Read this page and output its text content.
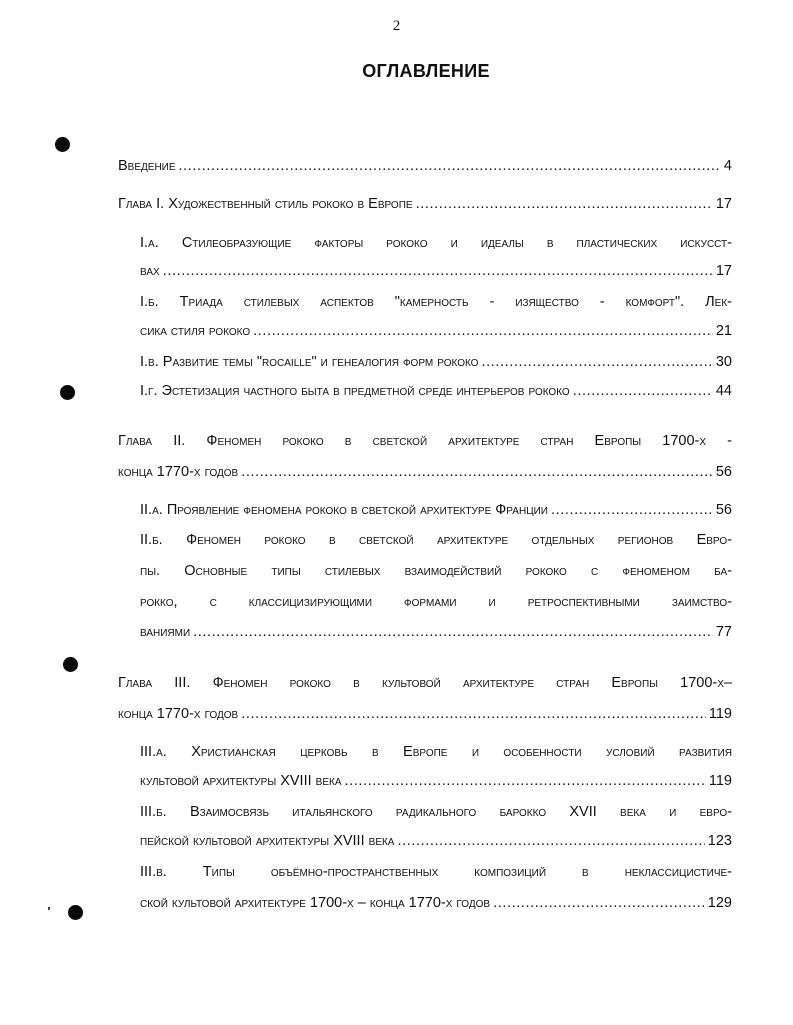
2
ОГЛАВЛЕНИЕ
Введение .....	4
Глава I. Художественный стиль рококо в Европе .....	17
I.а. Стилеобразующие факторы рококо и идеалы в пластических искусст-
вах .....	17
I.б. Триада стилевых аспектов "камерность - изящество - комфорт". Лек-
сика стиля рококо .....	21
I.в. Развитие темы "rocaille" и генеалогия форм рококо .....	30
I.г. Эстетизация частного быта в предметной среде интерьеров рококо .....	44
Глава II. Феномен рококо в светской архитектуре стран Европы 1700-х -
конца 1770-х годов .....	56
II.а. Проявление феномена рококо в светской архитектуре Франции .....	56
II.б. Феномен рококо в светской архитектуре отдельных регионов Евро-
пы. Основные типы стилевых взаимодействий рококо с феноменом ба-
рокко, с классицизирующими формами и ретроспективными заимство-
ваниями .....	77
Глава III. Феномен рококо в культовой архитектуре стран Европы 1700-х–
конца 1770-х годов .....	119
III.а. Христианская церковь в Европе и особенности условий развития
культовой архитектуры XVIII века .....	119
III.б. Взаимосвязь итальянского радикального барокко XVII века и евро-
пейской культовой архитектуры XVIII века .....	123
III.в. Типы объёмно-пространственных композиций в неклассицистиче-
ской культовой архитектуре 1700-х – конца 1770-х годов .....	129
